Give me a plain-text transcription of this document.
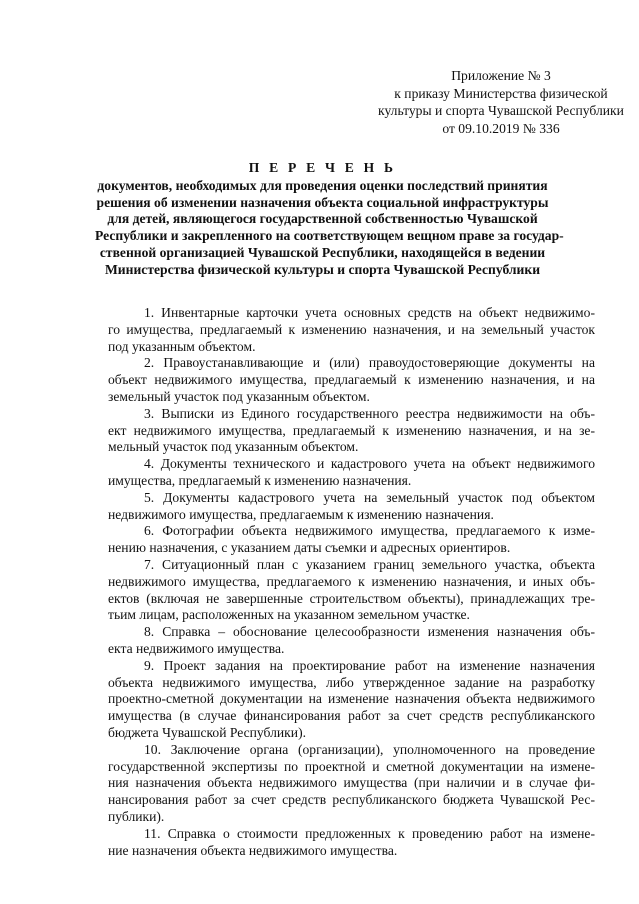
Приложение № 3
к приказу Министерства физической
культуры и спорта Чувашской Республики
от 09.10.2019 № 336
П Е Р Е Ч Е Н Ь
документов, необходимых для проведения оценки последствий принятия
решения об изменении назначения объекта социальной инфраструктуры
для детей, являющегося государственной собственностью Чувашской
Республики и закрепленного на соответствующем вещном праве за государ-
ственной организацией Чувашской Республики, находящейся в ведении
Министерства физической культуры и спорта Чувашской Республики
1. Инвентарные карточки учета основных средств на объект недвижимо-
го имущества, предлагаемый к изменению назначения, и на земельный участок
под указанным объектом.
2. Правоустанавливающие и (или) правоудостоверяющие документы на
объект недвижимого имущества, предлагаемый к изменению назначения, и на
земельный участок под указанным объектом.
3. Выписки из Единого государственного реестра недвижимости на объ-
ект недвижимого имущества, предлагаемый к изменению назначения, и на зе-
мельный участок под указанным объектом.
4. Документы технического и кадастрового учета на объект недвижимого
имущества, предлагаемый к изменению назначения.
5. Документы кадастрового учета на земельный участок под объектом
недвижимого имущества, предлагаемым к изменению назначения.
6. Фотографии объекта недвижимого имущества, предлагаемого к изме-
нению назначения, с указанием даты съемки и адресных ориентиров.
7. Ситуационный план с указанием границ земельного участка, объекта
недвижимого имущества, предлагаемого к изменению назначения, и иных объ-
ектов (включая не завершенные строительством объекты), принадлежащих тре-
тьим лицам, расположенных на указанном земельном участке.
8. Справка – обоснование целесообразности изменения назначения объ-
екта недвижимого имущества.
9. Проект задания на проектирование работ на изменение назначения
объекта недвижимого имущества, либо утвержденное задание на разработку
проектно-сметной документации на изменение назначения объекта недвижимого
имущества (в случае финансирования работ за счет средств республиканского
бюджета Чувашской Республики).
10. Заключение органа (организации), уполномоченного на проведение
государственной экспертизы по проектной и сметной документации на измене-
ния назначения объекта недвижимого имущества (при наличии и в случае фи-
нансирования работ за счет средств республиканского бюджета Чувашской Рес-
публики).
11. Справка о стоимости предложенных к проведению работ на измене-
ние назначения объекта недвижимого имущества.
